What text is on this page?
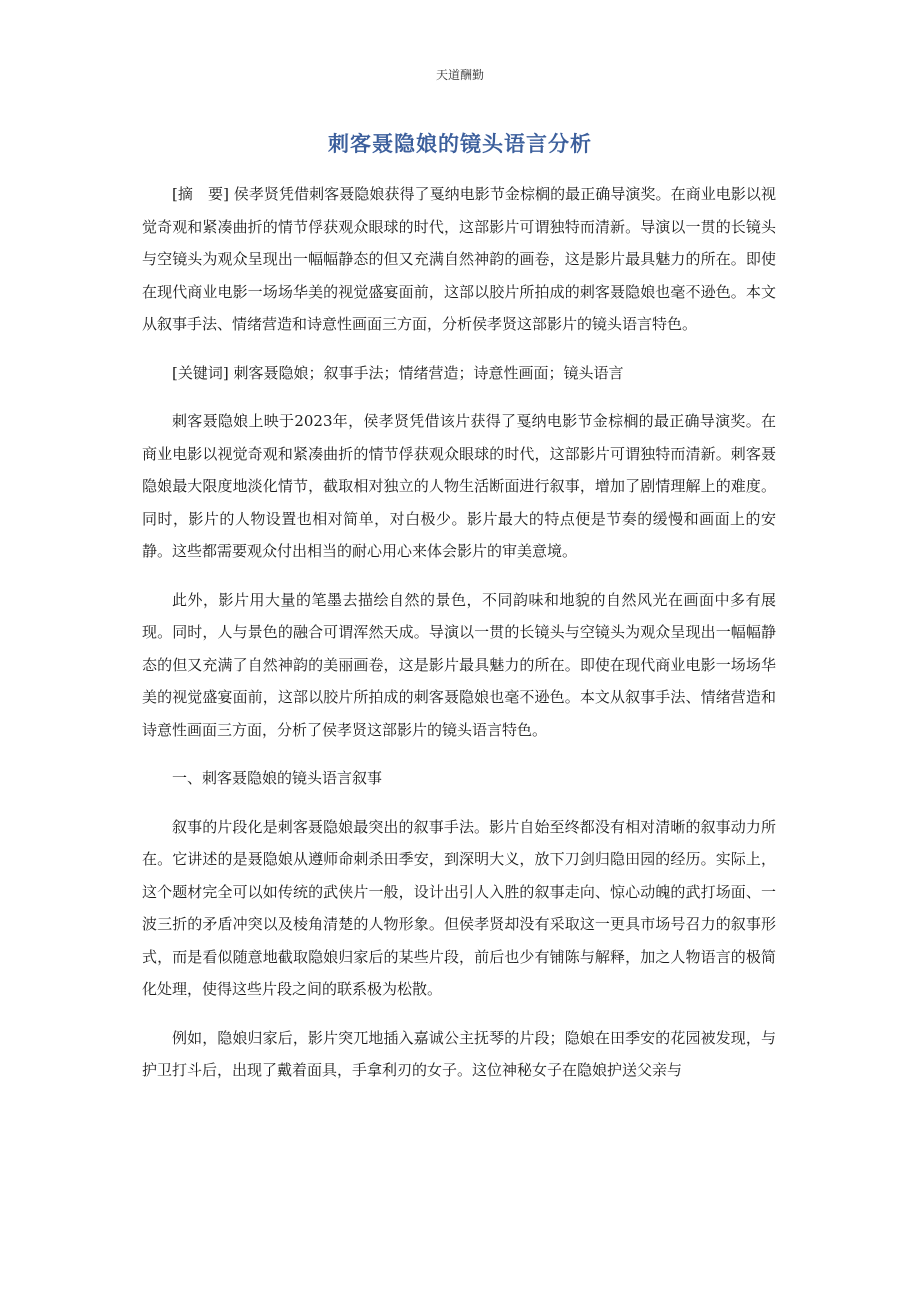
天道酬勤
刺客聂隐娘的镜头语言分析

[摘　要] 侯孝贤凭借刺客聂隐娘获得了戛纳电影节金棕榈的最正确导演奖。在商业电影以视觉奇观和紧凑曲折的情节俘获观众眼球的时代，这部影片可谓独特而清新。导演以一贯的长镜头与空镜头为观众呈现出一幅幅静态的但又充满自然神韵的画卷，这是影片最具魅力的所在。即使在现代商业电影一场场华美的视觉盛宴面前，这部以胶片所拍成的刺客聂隐娘也毫不逊色。本文从叙事手法、情绪营造和诗意性画面三方面，分析侯孝贤这部影片的镜头语言特色。

[关键词] 刺客聂隐娘；叙事手法；情绪营造；诗意性画面；镜头语言

刺客聂隐娘上映于2023年，侯孝贤凭借该片获得了戛纳电影节金棕榈的最正确导演奖。在商业电影以视觉奇观和紧凑曲折的情节俘获观众眼球的时代，这部影片可谓独特而清新。刺客聂隐娘最大限度地淡化情节，截取相对独立的人物生活断面进行叙事，增加了剧情理解上的难度。同时，影片的人物设置也相对简单，对白极少。影片最大的特点便是节奏的缓慢和画面上的安静。这些都需要观众付出相当的耐心用心来体会影片的审美意境。

此外，影片用大量的笔墨去描绘自然的景色，不同韵味和地貌的自然风光在画面中多有展现。同时，人与景色的融合可谓浑然天成。导演以一贯的长镜头与空镜头为观众呈现出一幅幅静态的但又充满了自然神韵的美丽画卷，这是影片最具魅力的所在。即使在现代商业电影一场场华美的视觉盛宴面前，这部以胶片所拍成的刺客聂隐娘也毫不逊色。本文从叙事手法、情绪营造和诗意性画面三方面，分析了侯孝贤这部影片的镜头语言特色。

一、刺客聂隐娘的镜头语言叙事

叙事的片段化是刺客聂隐娘最突出的叙事手法。影片自始至终都没有相对清晰的叙事动力所在。它讲述的是聂隐娘从遵师命刺杀田季安，到深明大义，放下刀剑归隐田园的经历。实际上，这个题材完全可以如传统的武侠片一般，设计出引人入胜的叙事走向、惊心动魄的武打场面、一波三折的矛盾冲突以及棱角清楚的人物形象。但侯孝贤却没有采取这一更具市场号召力的叙事形式，而是看似随意地截取隐娘归家后的某些片段，前后也少有铺陈与解释，加之人物语言的极简化处理，使得这些片段之间的联系极为松散。

例如，隐娘归家后，影片突兀地插入嘉诚公主抚琴的片段；隐娘在田季安的花园被发现，与护卫打斗后，出现了戴着面具，手拿利刃的女子。这位神秘女子在隐娘护送父亲与
